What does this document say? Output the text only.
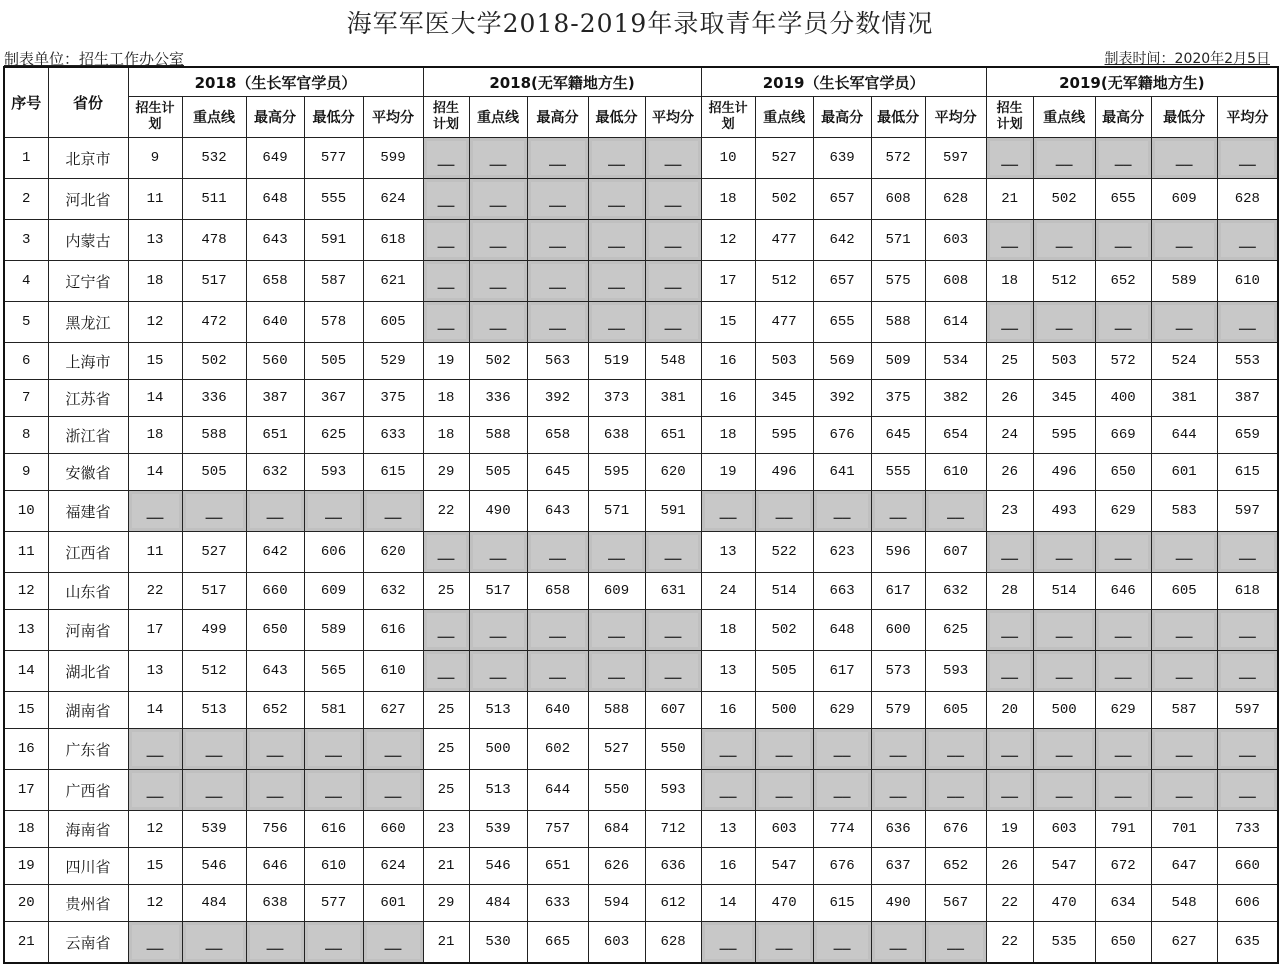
海军军医大学2018-2019年录取青年学员分数情况
制表单位：招生工作办公室	制表时间：2020年2月5日
序号	省份	2018（生长军官学员）					2018(无军籍地方生)					2019（生长军官学员）					2019(无军籍地方生)				
		招生计划	重点线	最高分	最低分	平均分	招生计划	重点线	最高分	最低分	平均分	招生计划	重点线	最高分	最低分	平均分	招生计划	重点线	最高分	最低分	平均分
1	北京市	9	532	649	577	599	——	——	——	——	——	10	527	639	572	597	——	——	——	——	——
2	河北省	11	511	648	555	624	——	——	——	——	——	18	502	657	608	628	21	502	655	609	628
3	内蒙古	13	478	643	591	618	——	——	——	——	——	12	477	642	571	603	——	——	——	——	——
4	辽宁省	18	517	658	587	621	——	——	——	——	——	17	512	657	575	608	18	512	652	589	610
5	黑龙江	12	472	640	578	605	——	——	——	——	——	15	477	655	588	614	——	——	——	——	——
6	上海市	15	502	560	505	529	19	502	563	519	548	16	503	569	509	534	25	503	572	524	553
7	江苏省	14	336	387	367	375	18	336	392	373	381	16	345	392	375	382	26	345	400	381	387
8	浙江省	18	588	651	625	633	18	588	658	638	651	18	595	676	645	654	24	595	669	644	659
9	安徽省	14	505	632	593	615	29	505	645	595	620	19	496	641	555	610	26	496	650	601	615
10	福建省	——	——	——	——	——	22	490	643	571	591	——	——	——	——	——	23	493	629	583	597
11	江西省	11	527	642	606	620	——	——	——	——	——	13	522	623	596	607	——	——	——	——	——
12	山东省	22	517	660	609	632	25	517	658	609	631	24	514	663	617	632	28	514	646	605	618
13	河南省	17	499	650	589	616	——	——	——	——	——	18	502	648	600	625	——	——	——	——	——
14	湖北省	13	512	643	565	610	——	——	——	——	——	13	505	617	573	593	——	——	——	——	——
15	湖南省	14	513	652	581	627	25	513	640	588	607	16	500	629	579	605	20	500	629	587	597
16	广东省	——	——	——	——	——	25	500	602	527	550	——	——	——	——	——	——	——	——	——	——
17	广西省	——	——	——	——	——	25	513	644	550	593	——	——	——	——	——	——	——	——	——	——
18	海南省	12	539	756	616	660	23	539	757	684	712	13	603	774	636	676	19	603	791	701	733
19	四川省	15	546	646	610	624	21	546	651	626	636	16	547	676	637	652	26	547	672	647	660
20	贵州省	12	484	638	577	601	29	484	633	594	612	14	470	615	490	567	22	470	634	548	606
21	云南省	——	——	——	——	——	21	530	665	603	628	——	——	——	——	——	22	535	650	627	635
